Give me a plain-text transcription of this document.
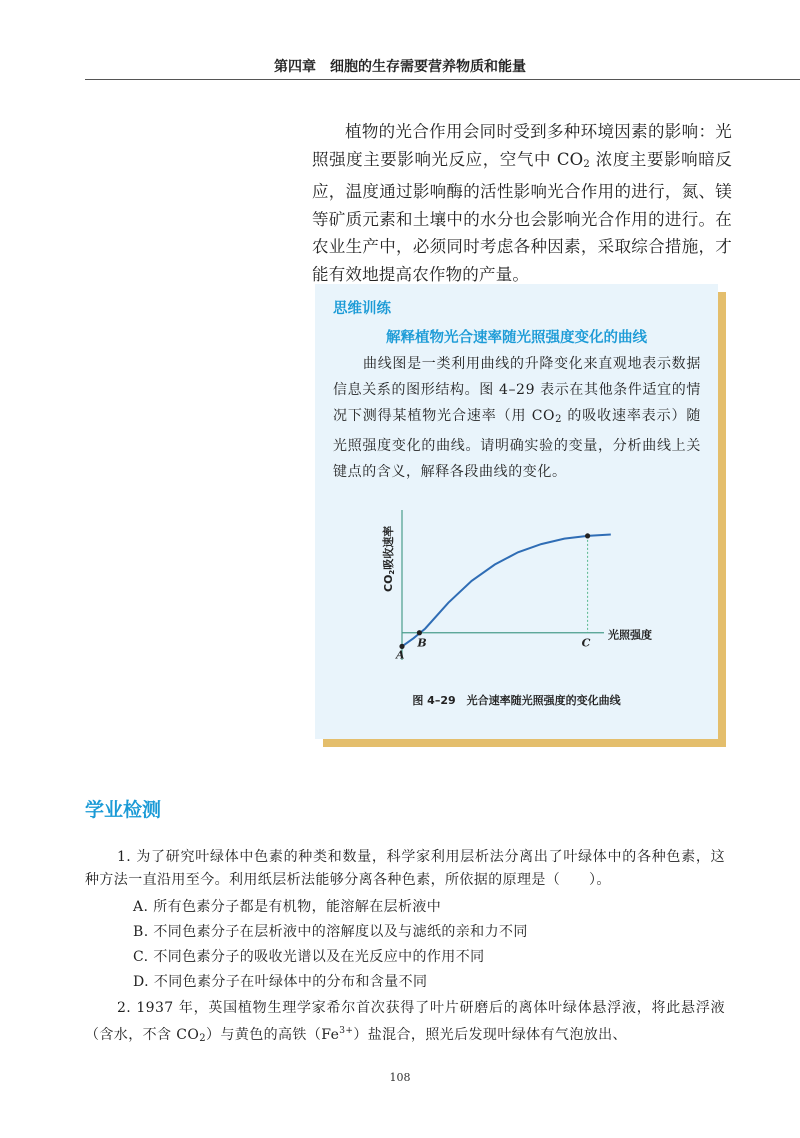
第四章　细胞的生存需要营养物质和能量

植物的光合作用会同时受到多种环境因素的影响：光照强度主要影响光反应，空气中 $CO_2$ 浓度主要影响暗反应，温度通过影响酶的活性影响光合作用的进行，氮、镁等矿质元素和土壤中的水分也会影响光合作用的进行。在农业生产中，必须同时考虑各种因素，采取综合措施，才能有效地提高农作物的产量。

思维训练
解释植物光合速率随光照强度变化的曲线

曲线图是一类利用曲线的升降变化来直观地表示数据信息关系的图形结构。图 4–29 表示在其他条件适宜的情况下测得某植物光合速率（用 $CO_2$ 的吸收速率表示）随光照强度变化的曲线。请明确实验的变量，分析曲线上关键点的含义，解释各段曲线的变化。

A
B	C
光照强度
CO2吸收速率
图 4–29　光合速率随光照强度的变化曲线
学业检测

1. 为了研究叶绿体中色素的种类和数量，科学家利用层析法分离出了叶绿体中的各种色素，这种方法一直沿用至今。利用纸层析法能够分离各种色素，所依据的原理是（　　）。

A. 所有色素分子都是有机物，能溶解在层析液中
B. 不同色素分子在层析液中的溶解度以及与滤纸的亲和力不同
C. 不同色素分子的吸收光谱以及在光反应中的作用不同
D. 不同色素分子在叶绿体中的分布和含量不同

2. 1937 年，英国植物生理学家希尔首次获得了叶片研磨后的离体叶绿体悬浮液，将此悬浮液（含水，不含 $CO_2$）与黄色的高铁$(Fe^{3+})$盐混合，照光后发现叶绿体有气泡放出、

108
